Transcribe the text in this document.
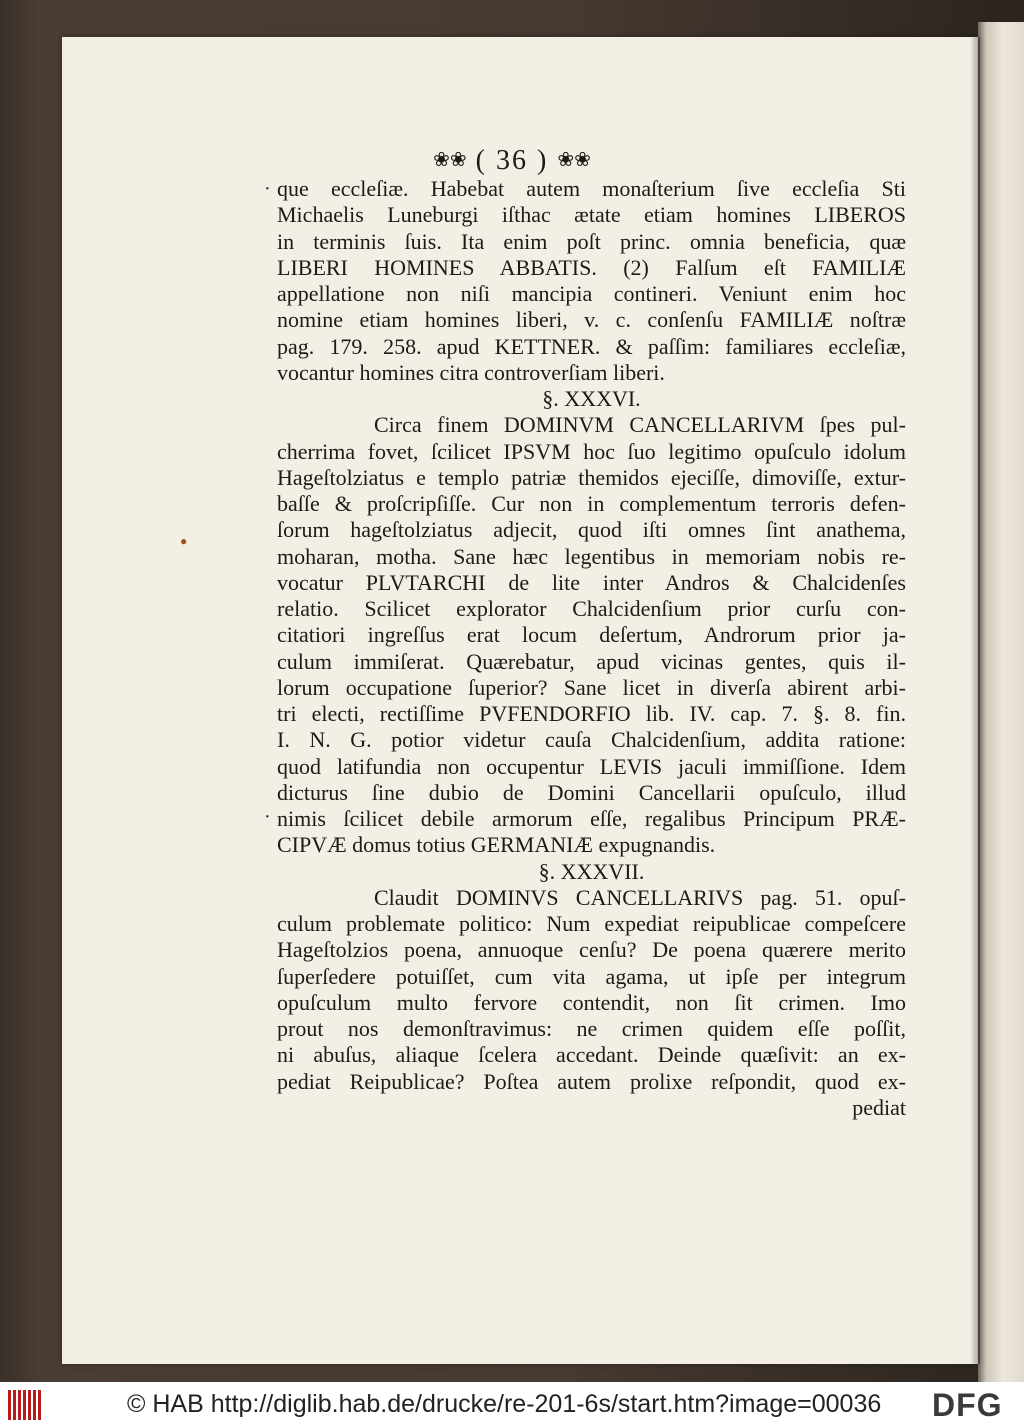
❀❀ ( 36 ) ❀❀
·
·
●
que eccleſiæ. Habebat autem monaſterium ſive eccleſia Sti
Michaelis Luneburgi iſthac ætate etiam homines LIBEROS
in terminis ſuis. Ita enim poſt princ. omnia beneficia, quæ
LIBERI HOMINES ABBATIS. (2) Falſum eſt FAMILIÆ
appellatione non niſi mancipia contineri. Veniunt enim hoc
nomine etiam homines liberi, v. c. conſenſu FAMILIÆ noſtræ
pag. 179. 258. apud KETTNER. & paſſim: familiares eccleſiæ,
vocantur homines citra controverſiam liberi.
§. XXXVI.
Circa finem DOMINVM CANCELLARIVM ſpes pul-
cherrima fovet, ſcilicet IPSVM hoc ſuo legitimo opuſculo idolum
Hageſtolziatus e templo patriæ themidos ejeciſſe, dimoviſſe, extur-
baſſe & proſcripſiſſe. Cur non in complementum terroris defen-
ſorum hageſtolziatus adjecit, quod iſti omnes ſint anathema,
moharan, motha. Sane hæc legentibus in memoriam nobis re-
vocatur PLVTARCHI de lite inter Andros & Chalcidenſes
relatio. Scilicet explorator Chalcidenſium prior curſu con-
citatiori ingreſſus erat locum deſertum, Androrum prior ja-
culum immiſerat. Quærebatur, apud vicinas gentes, quis il-
lorum occupatione ſuperior? Sane licet in diverſa abirent arbi-
tri electi, rectiſſime PVFENDORFIO lib. IV. cap. 7. §. 8. fin.
I. N. G. potior videtur cauſa Chalcidenſium, addita ratione:
quod latifundia non occupentur LEVIS jaculi immiſſione. Idem
dicturus ſine dubio de Domini Cancellarii opuſculo, illud
nimis ſcilicet debile armorum eſſe, regalibus Principum PRÆ-
CIPVÆ domus totius GERMANIÆ expugnandis.
§. XXXVII.
Claudit DOMINVS CANCELLARIVS pag. 51. opuſ-
culum problemate politico: Num expediat reipublicae compeſcere
Hageſtolzios poena, annuoque cenſu? De poena quærere merito
ſuperſedere potuiſſet, cum vita agama, ut ipſe per integrum
opuſculum multo fervore contendit, non ſit crimen. Imo
prout nos demonſtravimus: ne crimen quidem eſſe poſſit,
ni abuſus, aliaque ſcelera accedant. Deinde quæſivit: an ex-
pediat Reipublicae? Poſtea autem prolixe reſpondit, quod ex-
pediat
© HAB http://diglib.hab.de/drucke/re-201-6s/start.htm?image=00036 DFG
